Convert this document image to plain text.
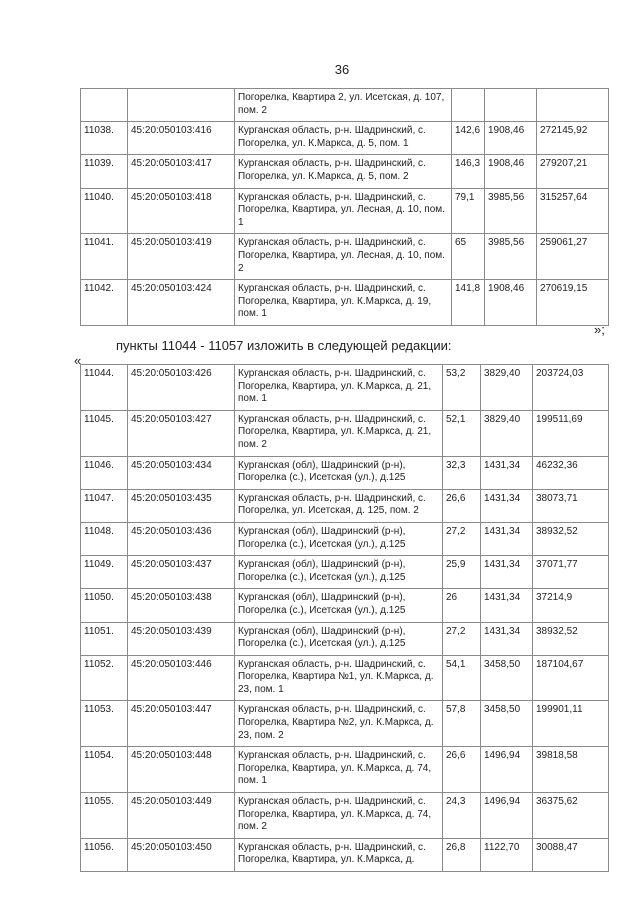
36
		Погорелка, Квартира 2, ул. Исетская, д. 107, пом. 2			
11038.	45:20:050103:416	Курганская область, р-н. Шадринский, с. Погорелка, ул. К.Маркса, д. 5, пом. 1	142,6	1908,46	272145,92
11039.	45:20:050103:417	Курганская область, р-н. Шадринский, с. Погорелка, ул. К.Маркса, д. 5, пом. 2	146,3	1908,46	279207,21
11040.	45:20:050103:418	Курганская область, р-н. Шадринский, с. Погорелка, Квартира, ул. Лесная, д. 10, пом. 1	79,1	3985,56	315257,64
11041.	45:20:050103:419	Курганская область, р-н. Шадринский, с. Погорелка, Квартира, ул. Лесная, д. 10, пом. 2	65	3985,56	259061,27
11042.	45:20:050103:424	Курганская область, р-н. Шадринский, с. Погорелка, Квартира, ул. К.Маркса, д. 19, пом. 1	141,8	1908,46	270619,15
»;
пункты 11044 - 11057 изложить в следующей редакции:
«
11044.	45:20:050103:426	Курганская область, р-н. Шадринский, с. Погорелка, Квартира, ул. К.Маркса, д. 21, пом. 1	53,2	3829,40	203724,03
11045.	45:20:050103:427	Курганская область, р-н. Шадринский, с. Погорелка, Квартира, ул. К.Маркса, д. 21, пом. 2	52,1	3829,40	199511,69
11046.	45:20:050103:434	Курганская (обл), Шадринский (р-н), Погорелка (с.), Исетская (ул.), д.125	32,3	1431,34	46232,36
11047.	45:20:050103:435	Курганская область, р-н. Шадринский, с. Погорелка, ул. Исетская, д. 125, пом. 2	26,6	1431,34	38073,71
11048.	45:20:050103:436	Курганская (обл), Шадринский (р-н), Погорелка (с.), Исетская (ул.), д.125	27,2	1431,34	38932,52
11049.	45:20:050103:437	Курганская (обл), Шадринский (р-н), Погорелка (с.), Исетская (ул.), д.125	25,9	1431,34	37071,77
11050.	45:20:050103:438	Курганская (обл), Шадринский (р-н), Погорелка (с.), Исетская (ул.), д.125	26	1431,34	37214,9
11051.	45:20:050103:439	Курганская (обл), Шадринский (р-н), Погорелка (с.), Исетская (ул.), д.125	27,2	1431,34	38932,52
11052.	45:20:050103:446	Курганская область, р-н. Шадринский, с. Погорелка, Квартира №1, ул. К.Маркса, д. 23, пом. 1	54,1	3458,50	187104,67
11053.	45:20:050103:447	Курганская область, р-н. Шадринский, с. Погорелка, Квартира №2, ул. К.Маркса, д. 23, пом. 2	57,8	3458,50	199901,11
11054.	45:20:050103:448	Курганская область, р-н. Шадринский, с. Погорелка, Квартира, ул. К.Маркса, д. 74, пом. 1	26,6	1496,94	39818,58
11055.	45:20:050103:449	Курганская область, р-н. Шадринский, с. Погорелка, Квартира, ул. К.Маркса, д. 74, пом. 2	24,3	1496,94	36375,62
11056.	45:20:050103:450	Курганская область, р-н. Шадринский, с. Погорелка, Квартира, ул. К.Маркса, д.	26,8	1122,70	30088,47
